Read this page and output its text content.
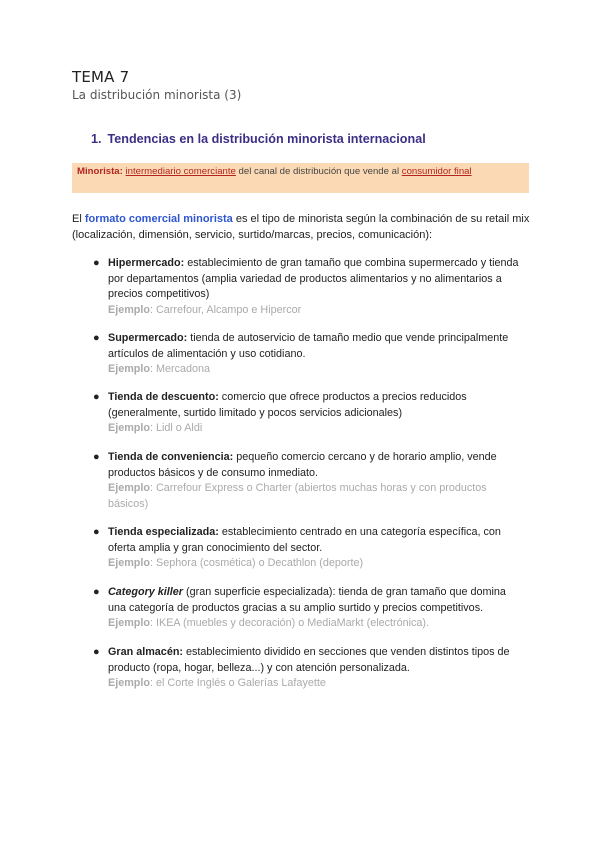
TEMA 7
La distribución minorista (3)
1. Tendencias en la distribución minorista internacional
Minorista: intermediario comerciante del canal de distribución que vende al consumidor final
El formato comercial minorista es el tipo de minorista según la combinación de su retail mix (localización, dimensión, servicio, surtido/marcas, precios, comunicación):
● Hipermercado: establecimiento de gran tamaño que combina supermercado y tienda por departamentos (amplia variedad de productos alimentarios y no alimentarios a precios competitivos)
Ejemplo: Carrefour, Alcampo e Hipercor
● Supermercado: tienda de autoservicio de tamaño medio que vende principalmente artículos de alimentación y uso cotidiano.
Ejemplo: Mercadona
● Tienda de descuento: comercio que ofrece productos a precios reducidos (generalmente, surtido limitado y pocos servicios adicionales)
Ejemplo: Lidl o Aldi
● Tienda de conveniencia: pequeño comercio cercano y de horario amplio, vende productos básicos y de consumo inmediato.
Ejemplo: Carrefour Express o Charter (abiertos muchas horas y con productos básicos)
● Tienda especializada: establecimiento centrado en una categoría específica, con oferta amplia y gran conocimiento del sector.
Ejemplo: Sephora (cosmética) o Decathlon (deporte)
● Category killer (gran superficie especializada): tienda de gran tamaño que domina una categoría de productos gracias a su amplio surtido y precios competitivos.
Ejemplo: IKEA (muebles y decoración) o MediaMarkt (electrónica).
● Gran almacén: establecimiento dividido en secciones que venden distintos tipos de producto (ropa, hogar, belleza...) y con atención personalizada.
Ejemplo: el Corte Inglés o Galerías Lafayette
